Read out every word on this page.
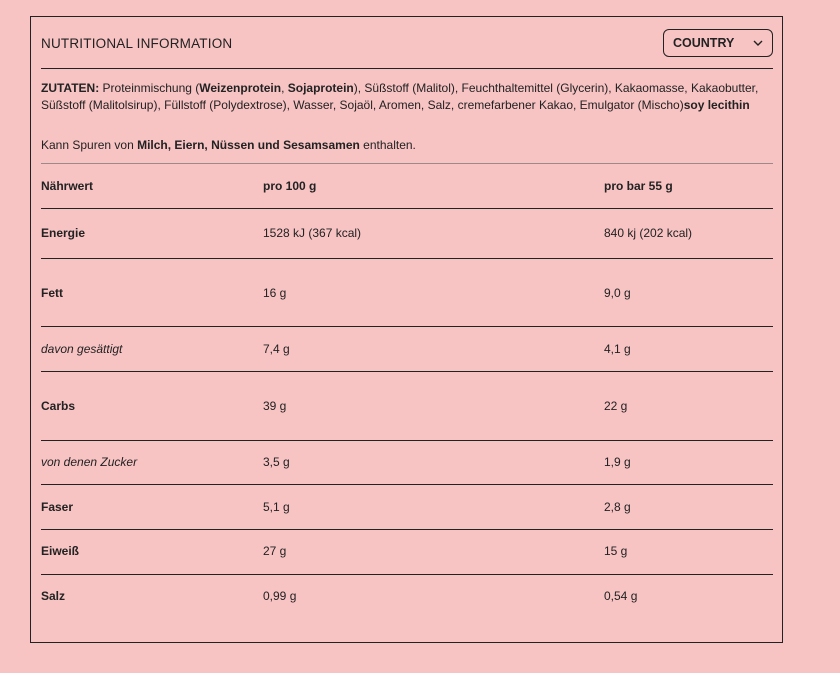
NUTRITIONAL INFORMATION	COUNTRY
ZUTATEN: Proteinmischung (Weizenprotein, Sojaprotein), Süßstoff (Malitol), Feuchthaltemittel (Glycerin), Kakaomasse, Kakaobutter, Süßstoff (Malitolsirup), Füllstoff (Polydextrose), Wasser, Sojaöl, Aromen, Salz, cremefarbener Kakao, Emulgator (Mischo)soy lecithin
Kann Spuren von Milch, Eiern, Nüssen und Sesamsamen enthalten.
Nährwert	pro 100 g	pro bar 55 g
Energie	1528 kJ (367 kcal)	840 kj (202 kcal)
Fett	16 g	9,0 g
davon gesättigt	7,4 g	4,1 g
Carbs	39 g	22 g
von denen Zucker	3,5 g	1,9 g
Faser	5,1 g	2,8 g
Eiweiß	27 g	15 g
Salz	0,99 g	0,54 g
